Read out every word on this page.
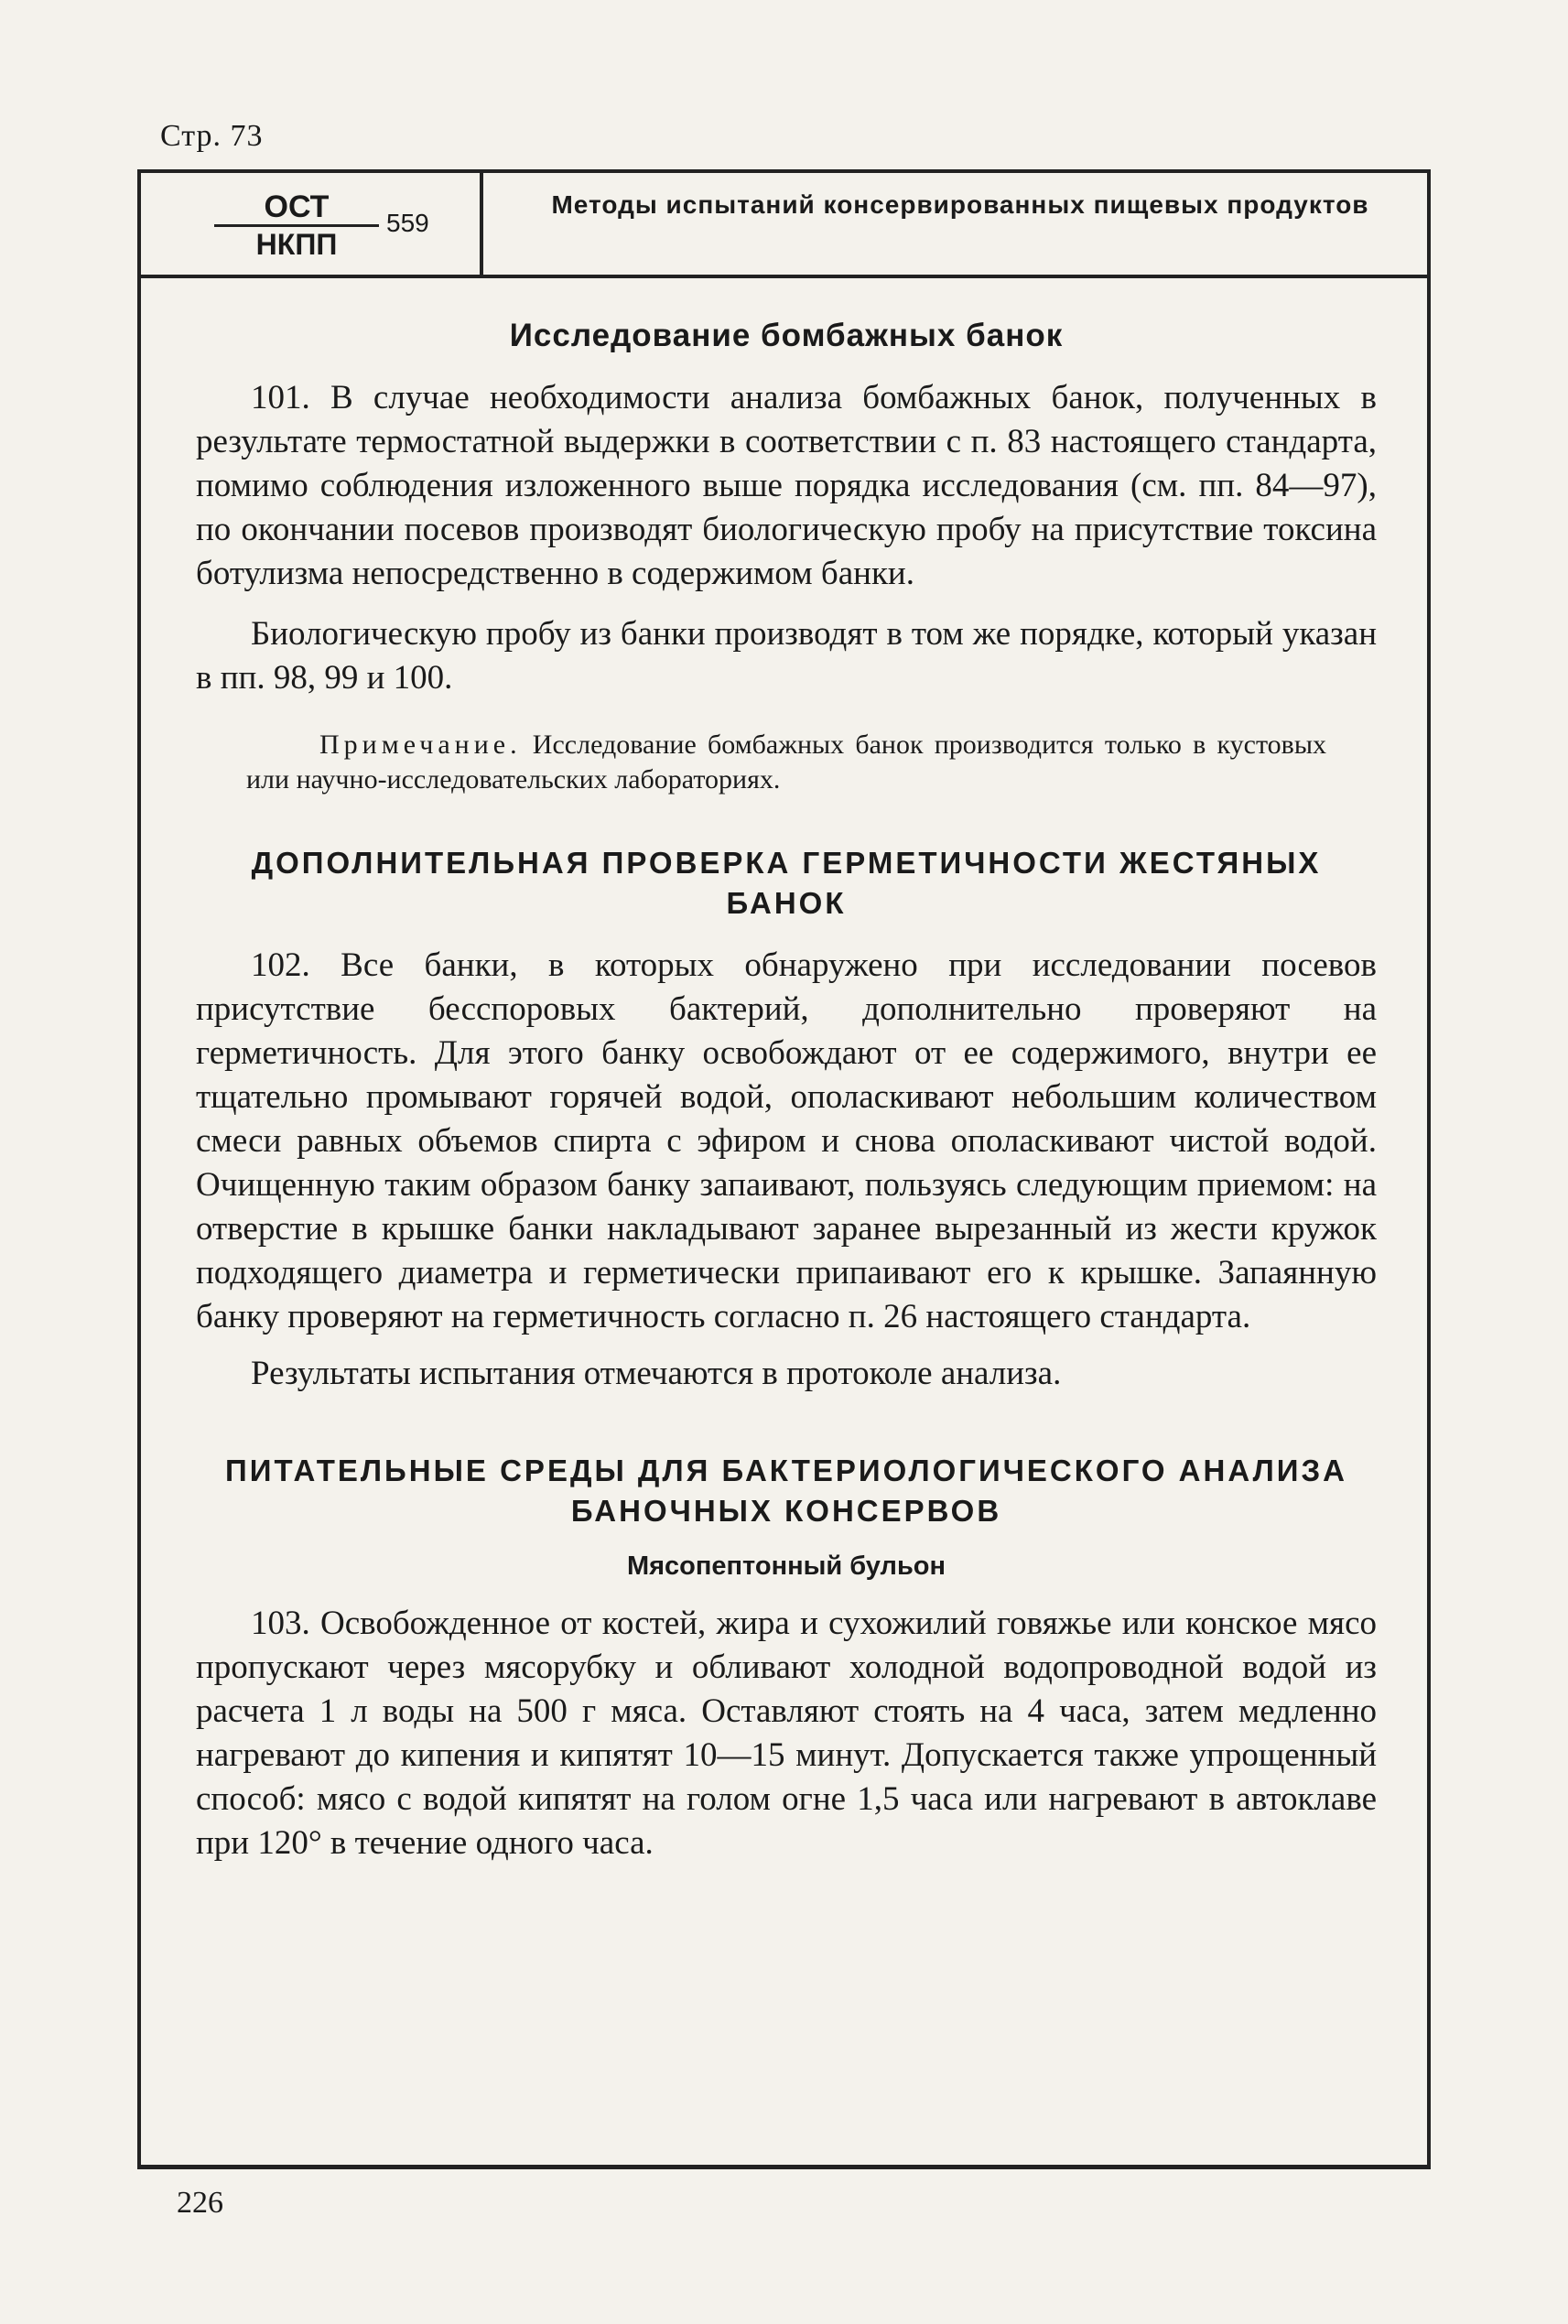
Стр. 73
ОСТ
НКПП
559
Методы испытаний консервированных пищевых продуктов
Исследование бомбажных банок

101. В случае необходимости анализа бомбажных банок, полученных в результате термостатной выдержки в соответствии с п. 83 настоящего стандарта, помимо соблюдения изложенного выше порядка исследования (см. пп. 84—97), по окончании посевов производят биологическую пробу на присутствие токсина ботулизма непосредственно в содержимом банки.

Биологическую пробу из банки производят в том же порядке, который указан в пп. 98, 99 и 100.

Примечание. Исследование бомбажных банок производится только в кустовых или научно-исследовательских лабораториях.

ДОПОЛНИТЕЛЬНАЯ ПРОВЕРКА ГЕРМЕТИЧНОСТИ ЖЕСТЯНЫХ БАНОК

102. Все банки, в которых обнаружено при исследовании посевов присутствие бесспоровых бактерий, дополнительно проверяют на герметичность. Для этого банку освобождают от ее содержимого, внутри ее тщательно промывают горячей водой, ополаскивают небольшим количеством смеси равных объемов спирта с эфиром и снова ополаскивают чистой водой. Очищенную таким образом банку запаивают, пользуясь следующим приемом: на отверстие в крышке банки накладывают заранее вырезанный из жести кружок подходящего диаметра и герметически припаивают его к крышке. Запаянную банку проверяют на герметичность согласно п. 26 настоящего стандарта.

Результаты испытания отмечаются в протоколе анализа.

ПИТАТЕЛЬНЫЕ СРЕДЫ ДЛЯ БАКТЕРИОЛОГИЧЕСКОГО АНАЛИЗА БАНОЧНЫХ КОНСЕРВОВ
Мясопептонный бульон

103. Освобожденное от костей, жира и сухожилий говяжье или конское мясо пропускают через мясорубку и обливают холодной водопроводной водой из расчета 1 л воды на 500 г мяса. Оставляют стоять на 4 часа, затем медленно нагревают до кипения и кипятят 10—15 минут. Допускается также упрощенный способ: мясо с водой кипятят на голом огне 1,5 часа или нагревают в автоклаве при 120° в течение одного часа.

226
